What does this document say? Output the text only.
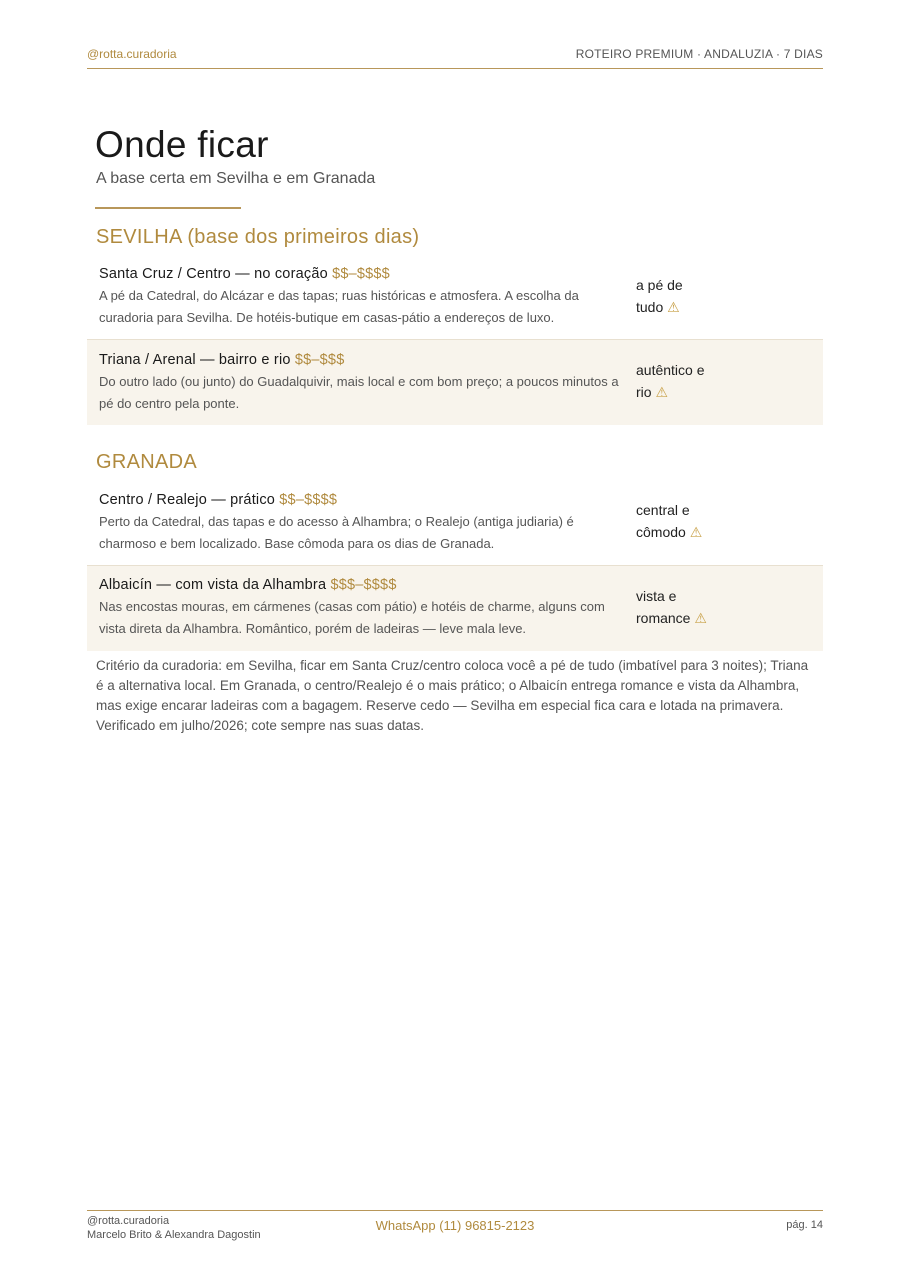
@rotta.curadoria	ROTEIRO PREMIUM · ANDALUZIA · 7 DIAS
Onde ficar
A base certa em Sevilha e em Granada
SEVILHA (base dos primeiros dias)
Santa Cruz / Centro — no coração $$–$$$$
A pé da Catedral, do Alcázar e das tapas; ruas históricas e atmosfera. A escolha da curadoria para Sevilha. De hotéis-butique em casas-pátio a endereços de luxo.
a pé de
tudo ⚠
Triana / Arenal — bairro e rio $$–$$$
Do outro lado (ou junto) do Guadalquivir, mais local e com bom preço; a poucos minutos a pé do centro pela ponte.
autêntico e
rio ⚠
GRANADA
Centro / Realejo — prático $$–$$$$
Perto da Catedral, das tapas e do acesso à Alhambra; o Realejo (antiga judiaria) é charmoso e bem localizado. Base cômoda para os dias de Granada.
central e
cômodo ⚠
Albaicín — com vista da Alhambra $$$–$$$$
Nas encostas mouras, em cármenes (casas com pátio) e hotéis de charme, alguns com vista direta da Alhambra. Romântico, porém de ladeiras — leve mala leve.
vista e
romance ⚠
Critério da curadoria: em Sevilha, ficar em Santa Cruz/centro coloca você a pé de tudo (imbatível para 3 noites); Triana é a alternativa local. Em Granada, o centro/Realejo é o mais prático; o Albaicín entrega romance e vista da Alhambra, mas exige encarar ladeiras com a bagagem. Reserve cedo — Sevilha em especial fica cara e lotada na primavera. Verificado em julho/2026; cote sempre nas suas datas.
@rotta.curadoria
Marcelo Brito & Alexandra Dagostin
WhatsApp (11) 96815-2123	pág. 14
